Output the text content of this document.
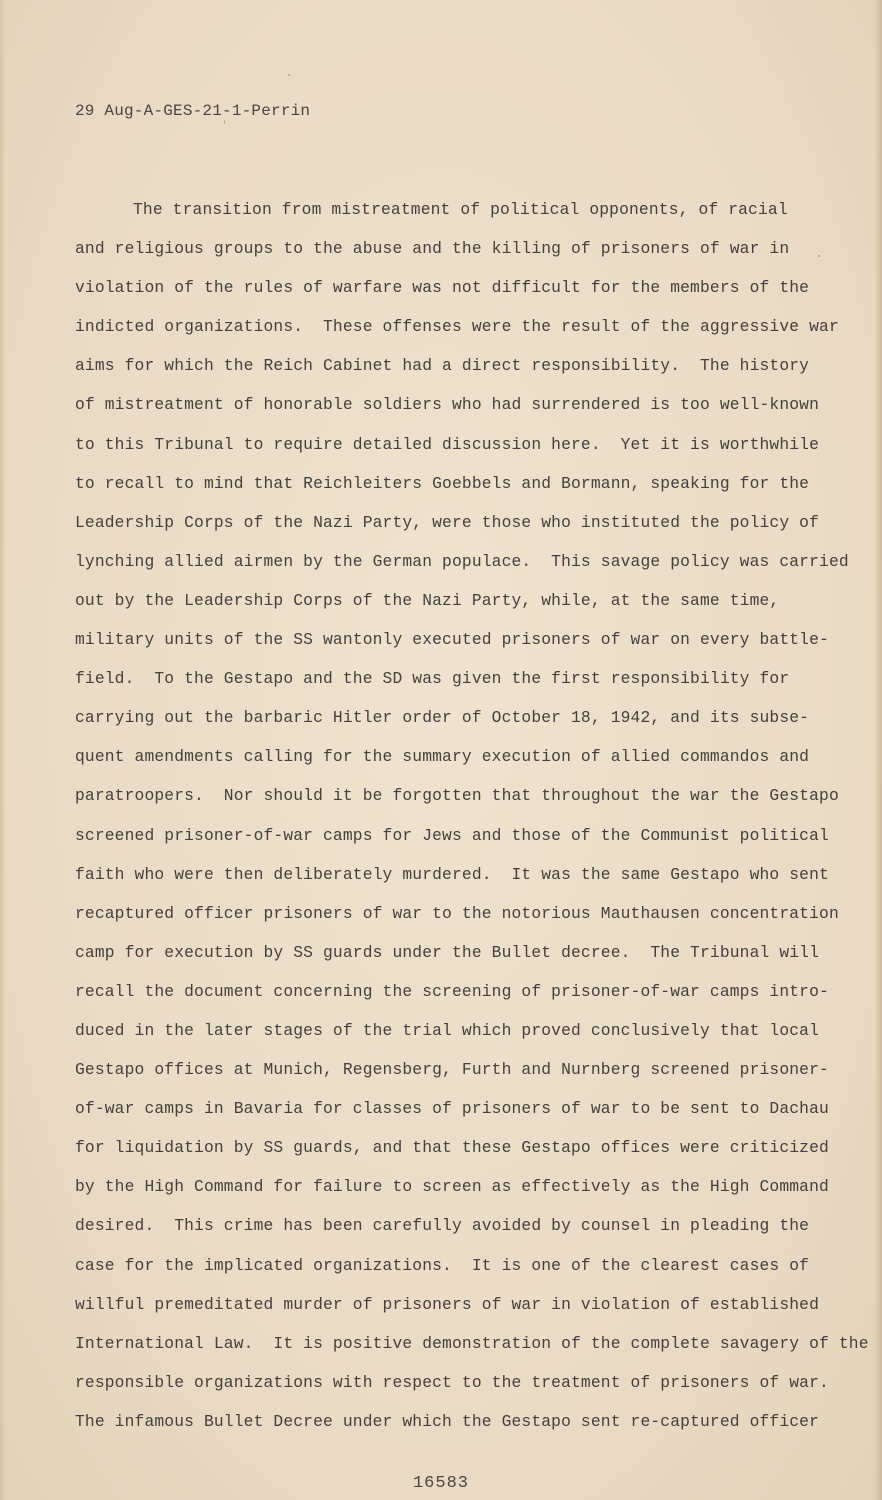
29 Aug-A-GES-21-1-Perrin
The transition from mistreatment of political opponents, of racial
and religious groups to the abuse and the killing of prisoners of war in
violation of the rules of warfare was not difficult for the members of the
indicted organizations.  These offenses were the result of the aggressive war
aims for which the Reich Cabinet had a direct responsibility.  The history
of mistreatment of honorable soldiers who had surrendered is too well-known
to this Tribunal to require detailed discussion here.  Yet it is worthwhile
to recall to mind that Reichleiters Goebbels and Bormann, speaking for the
Leadership Corps of the Nazi Party, were those who instituted the policy of
lynching allied airmen by the German populace.  This savage policy was carried
out by the Leadership Corps of the Nazi Party, while, at the same time,
military units of the SS wantonly executed prisoners of war on every battle-
field.  To the Gestapo and the SD was given the first responsibility for
carrying out the barbaric Hitler order of October 18, 1942, and its subse-
quent amendments calling for the summary execution of allied commandos and
paratroopers.  Nor should it be forgotten that throughout the war the Gestapo
screened prisoner-of-war camps for Jews and those of the Communist political
faith who were then deliberately murdered.  It was the same Gestapo who sent
recaptured officer prisoners of war to the notorious Mauthausen concentration
camp for execution by SS guards under the Bullet decree.  The Tribunal will
recall the document concerning the screening of prisoner-of-war camps intro-
duced in the later stages of the trial which proved conclusively that local
Gestapo offices at Munich, Regensberg, Furth and Nurnberg screened prisoner-
of-war camps in Bavaria for classes of prisoners of war to be sent to Dachau
for liquidation by SS guards, and that these Gestapo offices were criticized
by the High Command for failure to screen as effectively as the High Command
desired.  This crime has been carefully avoided by counsel in pleading the
case for the implicated organizations.  It is one of the clearest cases of
willful premeditated murder of prisoners of war in violation of established
International Law.  It is positive demonstration of the complete savagery of the
responsible organizations with respect to the treatment of prisoners of war.
The infamous Bullet Decree under which the Gestapo sent re-captured officer
16583
